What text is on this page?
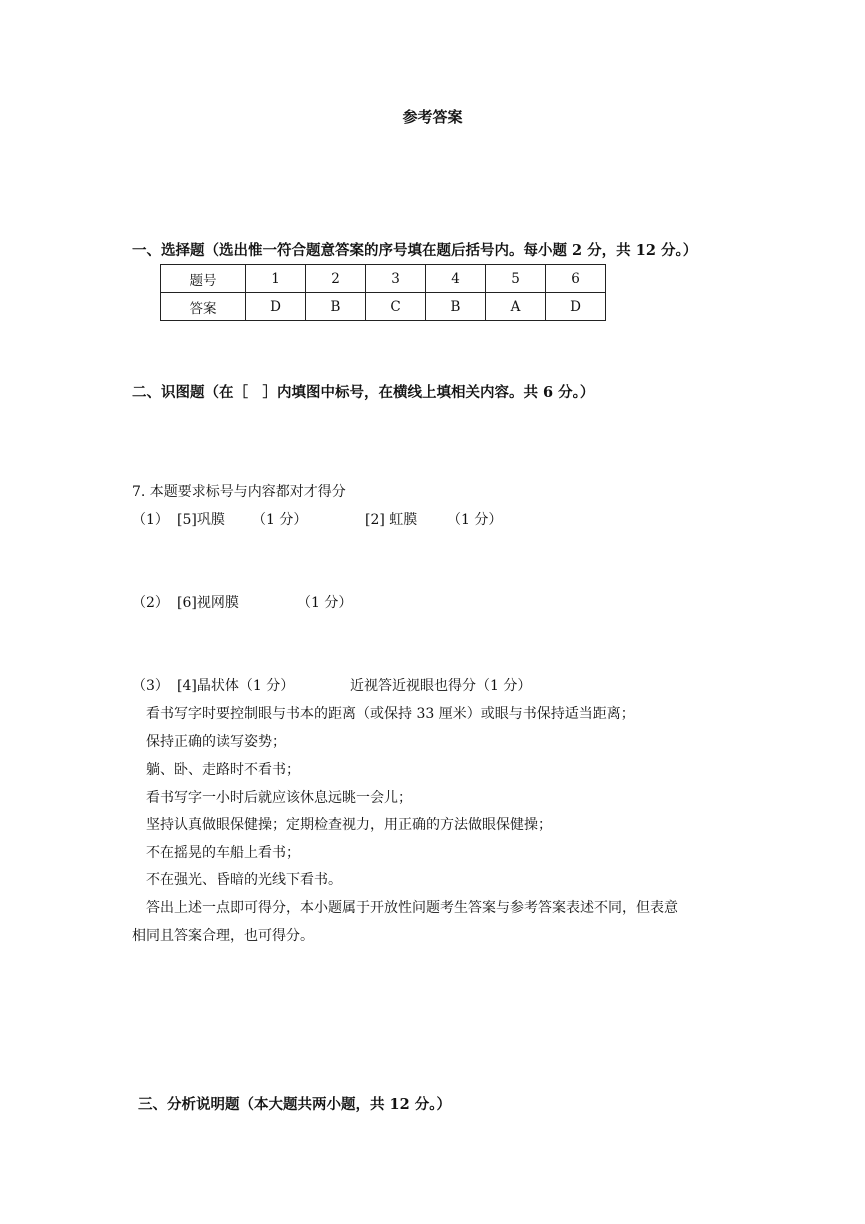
参考答案
一、选择题（选出惟一符合题意答案的序号填在题后括号内。每小题 2 分，共 12 分。）
题号	1	2	3	4	5	6
答案	D	B	C	B	A	D
二、识图题（在［　］内填图中标号，在横线上填相关内容。共 6 分。）
7. 本题要求标号与内容都对才得分
（1） [5]巩膜 （1 分）	[2] 虹膜 （1 分）
（2） [6]视网膜	（1 分）
（3） [4]晶状体（1 分）	近视答近视眼也得分（1 分）
看书写字时要控制眼与书本的距离（或保持 33 厘米）或眼与书保持适当距离；
保持正确的读写姿势；
躺、卧、走路时不看书；
看书写字一小时后就应该休息远眺一会儿；
坚持认真做眼保健操；定期检查视力，用正确的方法做眼保健操；
不在摇晃的车船上看书；
不在强光、昏暗的光线下看书。
答出上述一点即可得分，本小题属于开放性问题考生答案与参考答案表述不同，但表意
相同且答案合理，也可得分。
三、分析说明题（本大题共两小题，共 12 分。）
